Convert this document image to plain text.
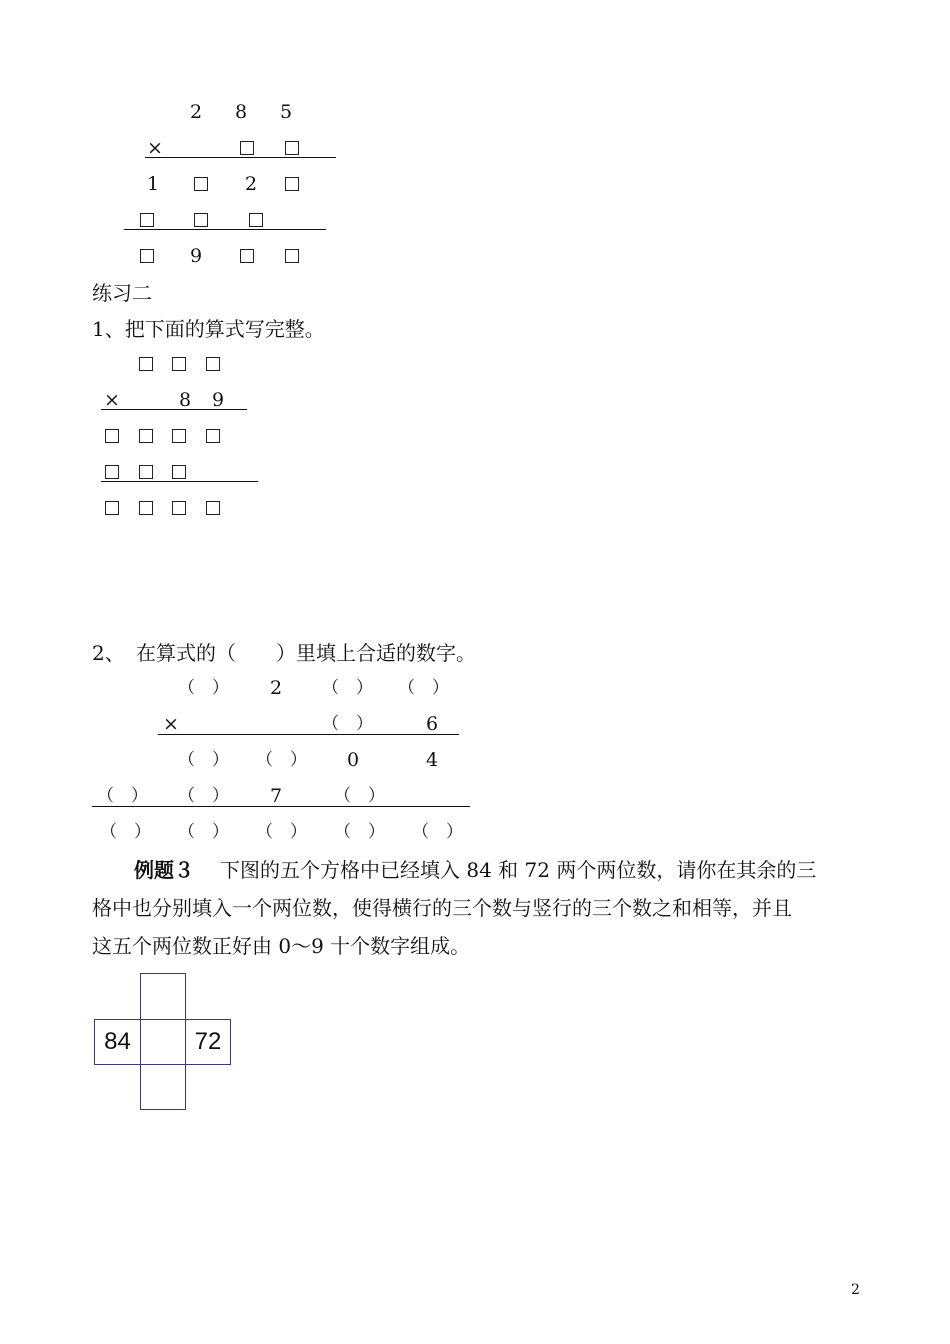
2 8 5
×
1	2
9
练习二
1、把下面的算式写完整。
×	8 9
2、 在算式的（　　）里填上合适的数字。
（　） 2 （　） （　）
×	（　）	6
（　） （　） 0	4
（　） （　） 7	（　）
（　） （　） （　） （　） （　）
例题３ 下图的五个方格中已经填入 84 和 72 两个两位数，请你在其余的三
格中也分别填入一个两位数，使得横行的三个数与竖行的三个数之和相等，并且
这五个两位数正好由 0～9 十个数字组成。
84	72
2
